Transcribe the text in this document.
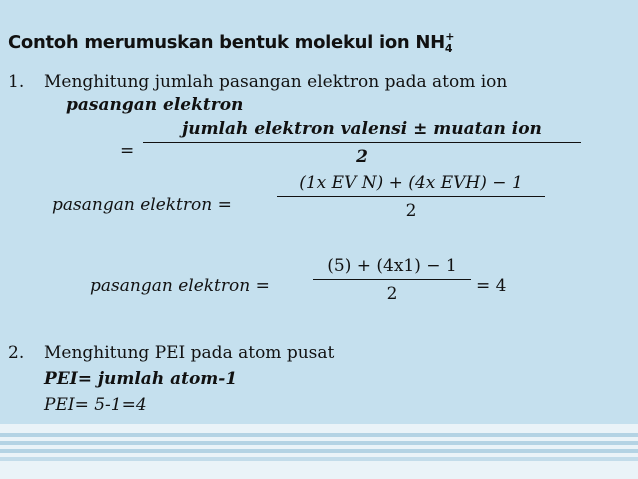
Contoh merumuskan bentuk molekul ion $NH_4^+$
1. Menghitung jumlah pasangan elektron pada atom ion
pasangan elektron
=
jumlah elektron valensi ± muatan ion
2
pasangan elektron =
(1x EV N) + (4x EVH) − 1
2
pasangan elektron =	$\frac{(5) + (4x1) - 1}{2} = 4$
2. Menghitung PEI pada atom pusat
PEI= jumlah atom-1
PEI= 5-1=4
